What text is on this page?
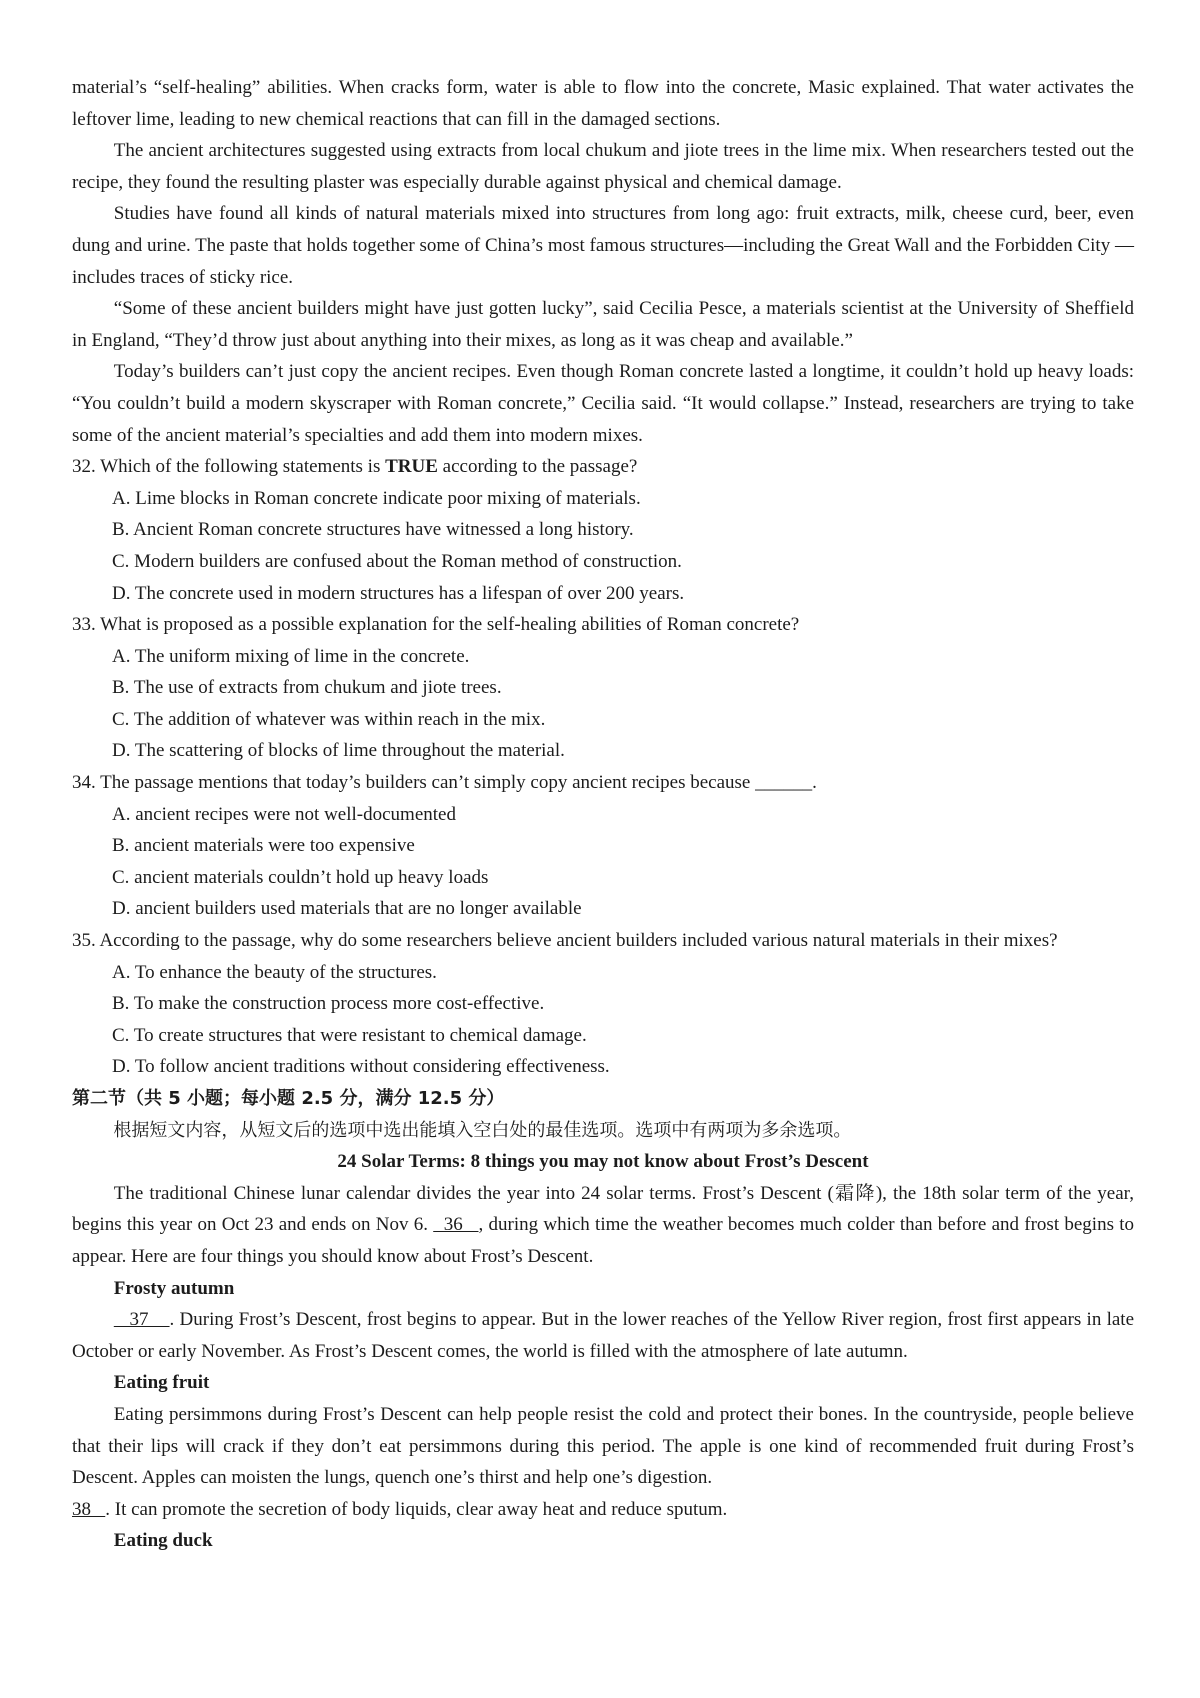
material’s “self-healing” abilities. When cracks form, water is able to flow into the concrete, Masic explained. That water activates the leftover lime, leading to new chemical reactions that can fill in the damaged sections.

The ancient architectures suggested using extracts from local chukum and jiote trees in the lime mix. When researchers tested out the recipe, they found the resulting plaster was especially durable against physical and chemical damage.

Studies have found all kinds of natural materials mixed into structures from long ago: fruit extracts, milk, cheese curd, beer, even dung and urine. The paste that holds together some of China’s most famous structures—including the Great Wall and the Forbidden City — includes traces of sticky rice.

“Some of these ancient builders might have just gotten lucky”, said Cecilia Pesce, a materials scientist at the University of Sheffield in England, “They’d throw just about anything into their mixes, as long as it was cheap and available.”

Today’s builders can’t just copy the ancient recipes. Even though Roman concrete lasted a longtime, it couldn’t hold up heavy loads: “You couldn’t build a modern skyscraper with Roman concrete,” Cecilia said. “It would collapse.” Instead, researchers are trying to take some of the ancient material’s specialties and add them into modern mixes.

32. Which of the following statements is TRUE according to the passage?

A. Lime blocks in Roman concrete indicate poor mixing of materials.

B. Ancient Roman concrete structures have witnessed a long history.

C. Modern builders are confused about the Roman method of construction.

D. The concrete used in modern structures has a lifespan of over 200 years.

33. What is proposed as a possible explanation for the self-healing abilities of Roman concrete?

A. The uniform mixing of lime in the concrete.

B. The use of extracts from chukum and jiote trees.

C. The addition of whatever was within reach in the mix.

D. The scattering of blocks of lime throughout the material.

34. The passage mentions that today’s builders can’t simply copy ancient recipes because ______.

A. ancient recipes were not well-documented

B. ancient materials were too expensive

C. ancient materials couldn’t hold up heavy loads

D. ancient builders used materials that are no longer available

35. According to the passage, why do some researchers believe ancient builders included various natural materials in their mixes?

A. To enhance the beauty of the structures.

B. To make the construction process more cost-effective.

C. To create structures that were resistant to chemical damage.

D. To follow ancient traditions without considering effectiveness.

第二节（共 5 小题；每小题 2.5 分，满分 12.5 分）

根据短文内容，从短文后的选项中选出能填入空白处的最佳选项。选项中有两项为多余选项。

24 Solar Terms: 8 things you may not know about Frost’s Descent

The traditional Chinese lunar calendar divides the year into 24 solar terms. Frost’s Descent (霜降), the 18th solar term of the year, begins this year on Oct 23 and ends on Nov 6.   36   , during which time the weather becomes much colder than before and frost begins to appear. Here are four things you should know about Frost’s Descent.

Frosty autumn

37    . During Frost’s Descent, frost begins to appear. But in the lower reaches of the Yellow River region, frost first appears in late October or early November. As Frost’s Descent comes, the world is filled with the atmosphere of late autumn.

Eating fruit

Eating persimmons during Frost’s Descent can help people resist the cold and protect their bones. In the countryside, people believe that their lips will crack if they don’t eat persimmons during this period. The apple is one kind of recommended fruit during Frost’s Descent. Apples can moisten the lungs, quench one’s thirst and help one’s digestion.

38   . It can promote the secretion of body liquids, clear away heat and reduce sputum.

Eating duck
